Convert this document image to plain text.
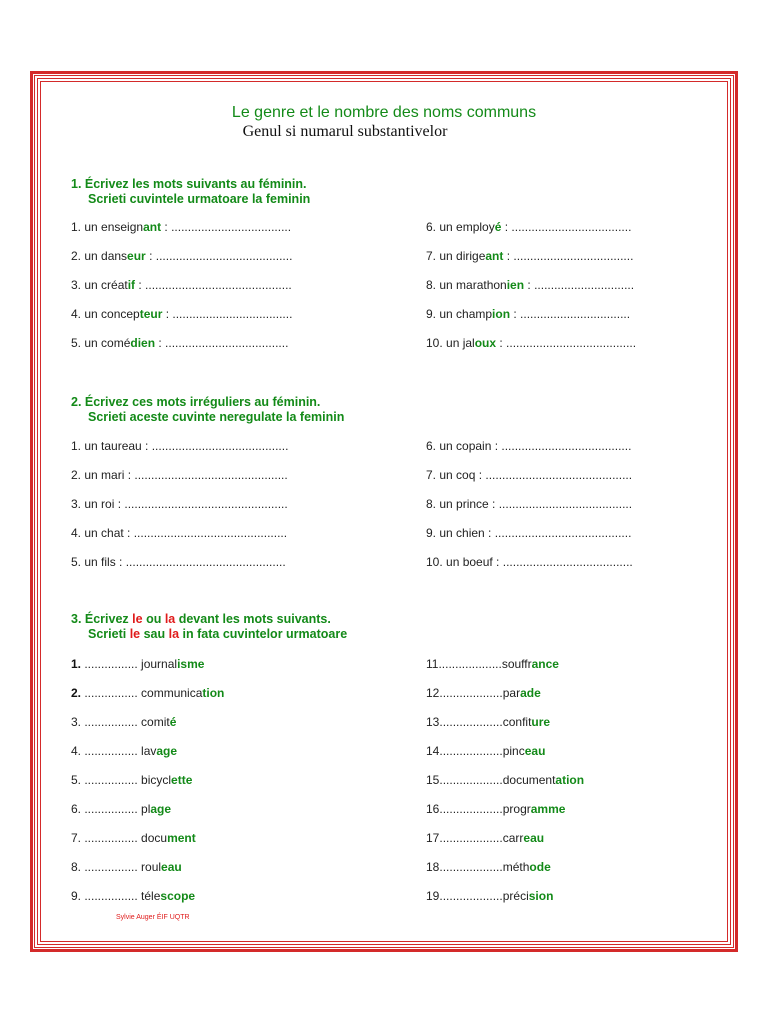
Le genre et le nombre des noms communs
Genul si numarul substantivelor
1. Écrivez les mots suivants au féminin.
Scrieti cuvintele urmatoare la feminin
1. un enseignant : ....................................
2. un danseur : .........................................
3. un créatif : ............................................
4. un concepteur : ....................................
5. un comédien : .....................................
6. un employé : ....................................
7. un dirigeant : ....................................
8. un marathonien : ..............................
9. un champion : .................................
10. un jaloux : .......................................
2. Écrivez ces mots irréguliers au féminin.
Scrieti aceste cuvinte neregulate la feminin
1. un taureau : .........................................
2. un mari : ..............................................
3. un roi : .................................................
4. un chat : ..............................................
5. un fils : ................................................
6. un copain : .......................................
7. un coq : ............................................
8. un prince : ........................................
9. un chien : .........................................
10. un boeuf : .......................................
3. Écrivez le ou la devant les mots suivants.
Scrieti le sau la in fata cuvintelor urmatoare
1. ................ journalisme
2. ................ communication
3. ................ comité
4. ................ lavage
5. ................ bicyclette
6. ................ plage
7. ................ document
8. ................ rouleau
9. ................ télescope
11...................souffrance
12...................parade
13...................confiture
14...................pinceau
15...................documentation
16...................programme
17...................carreau
18...................méthode
19...................précision
Sylvie Auger ÉIF UQTR
